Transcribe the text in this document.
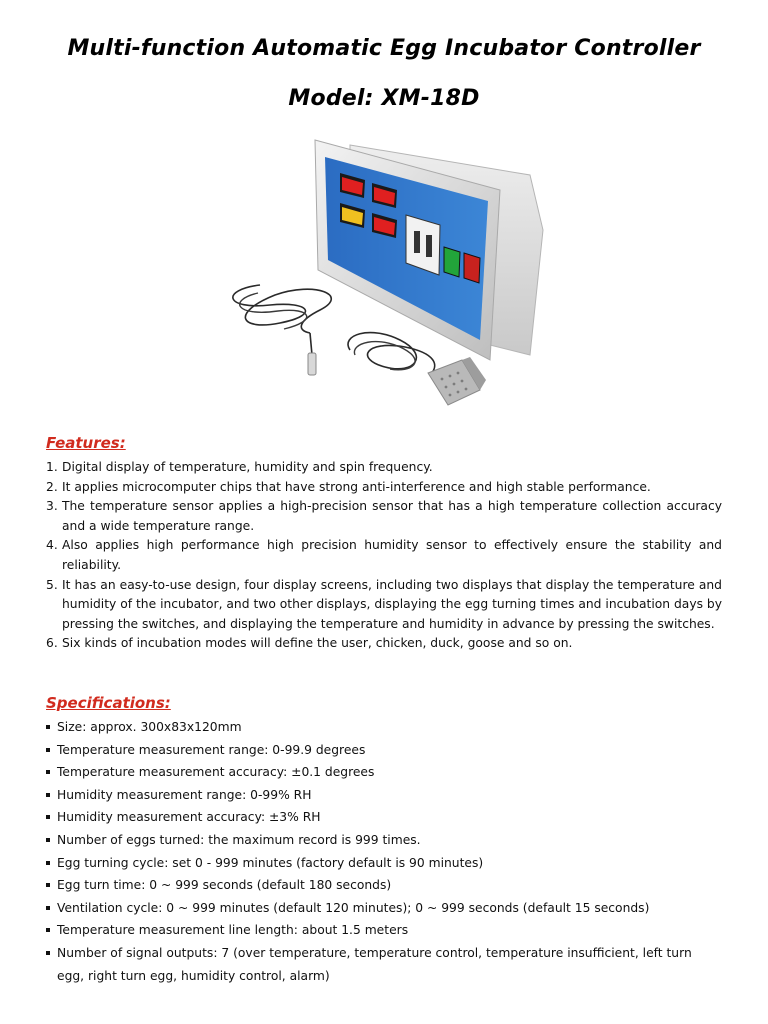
Multi-function Automatic Egg Incubator Controller
Model: XM-18D
Features:
1. Digital display of temperature, humidity and spin frequency.
2. It applies microcomputer chips that have strong anti-interference and high stable performance.
3. The temperature sensor applies a high-precision sensor that has a high temperature collection accuracy and a wide temperature range.
4. Also applies high performance high precision humidity sensor to effectively ensure the stability and reliability.
5. It has an easy-to-use design, four display screens, including two displays that display the temperature and humidity of the incubator, and two other displays, displaying the egg turning times and incubation days by pressing the switches, and displaying the temperature and humidity in advance by pressing the switches.
6. Six kinds of incubation modes will define the user, chicken, duck, goose and so on.
Specifications:
Size: approx. 300x83x120mm
Temperature measurement range: 0-99.9 degrees
Temperature measurement accuracy: ±0.1 degrees
Humidity measurement range: 0-99% RH
Humidity measurement accuracy: ±3% RH
Number of eggs turned: the maximum record is 999 times.
Egg turning cycle: set 0 - 999 minutes (factory default is 90 minutes)
Egg turn time: 0 ~ 999 seconds (default 180 seconds)
Ventilation cycle: 0 ~ 999 minutes (default 120 minutes); 0 ~ 999 seconds (default 15 seconds)
Temperature measurement line length: about 1.5 meters
Number of signal outputs: 7 (over temperature, temperature control, temperature insufficient, left turn egg, right turn egg, humidity control, alarm)
